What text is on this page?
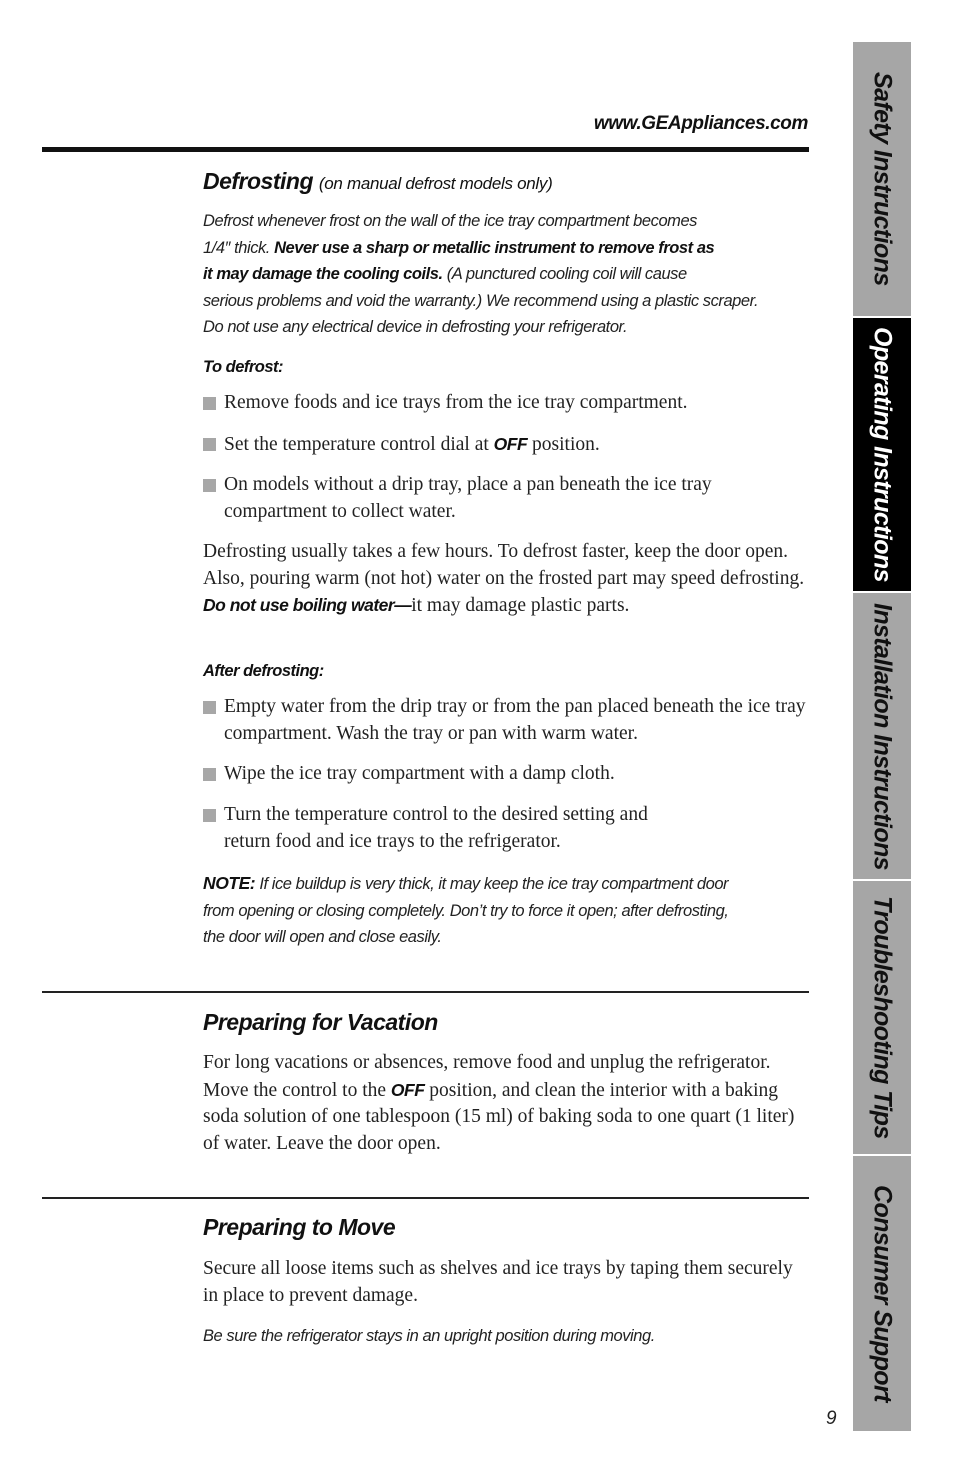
www.GEAppliances.com
Defrosting (on manual defrost models only)

Defrost whenever frost on the wall of the ice tray compartment becomes

1/4″ thick. Never use a sharp or metallic instrument to remove frost as

it may damage the cooling coils. (A punctured cooling coil will cause

serious problems and void the warranty.) We recommend using a plastic scraper.

Do not use any electrical device in defrosting your refrigerator.

To defrost:

Remove foods and ice trays from the ice tray compartment.

Set the temperature control dial at OFF position.

On models without a drip tray, place a pan beneath the ice tray compartment to collect water.

Defrosting usually takes a few hours. To defrost faster, keep the door open. Also, pouring warm (not hot) water on the frosted part may speed defrosting. Do not use boiling water—it may damage plastic parts.

After defrosting:

Empty water from the drip tray or from the pan placed beneath the ice tray compartment. Wash the tray or pan with warm water.

Wipe the ice tray compartment with a damp cloth.

Turn the temperature control to the desired setting and

return food and ice trays to the refrigerator.

NOTE: If ice buildup is very thick, it may keep the ice tray compartment door

from opening or closing completely. Don’t try to force it open; after defrosting,

the door will open and close easily.

Preparing for Vacation

For long vacations or absences, remove food and unplug the refrigerator. Move the control to the OFF position, and clean the interior with a baking soda solution of one tablespoon (15 ml) of baking soda to one quart (1 liter) of water. Leave the door open.

Preparing to Move

Secure all loose items such as shelves and ice trays by taping them securely in place to prevent damage.

Be sure the refrigerator stays in an upright position during moving.

Safety Instructions
Operating Instructions
Installation Instructions
Troubleshooting Tips
Consumer Support
9
